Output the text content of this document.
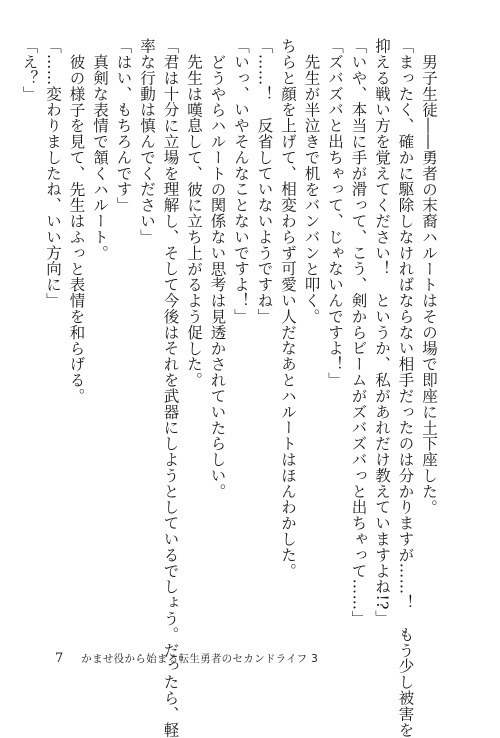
男子生徒――勇者の末裔ハルートはその場で即座に土下座した。
「まったく、確かに駆除しなければならない相手だったのは分かりますが……！　もう少し被害を
抑える戦い方を覚えてください！　というか、私があれだけ教えていますよね!?」
「いや、本当に手が滑って、こう、剣からビームがズバズバっと出ちゃって……」
「ズバズバと出ちゃって、じゃないんですよ！」
先生が半泣きで机をバンバンと叩く。
ちらと顔を上げて、相変わらず可愛い人だなあとハルートはほんわかした。
「……！　反省していないようですね」
「いっ、いやそんなことないですよ！」
どうやらハルートの関係ない思考は見透かされていたらしい。
先生は嘆息して、彼に立ち上がるよう促した。
「君は十分に立場を理解し、そして今後はそれを武器にしようとしているでしょう。だったら、軽
率な行動は慎んでください」
「はい、もちろんです」
真剣な表情で頷くハルート。
彼の様子を見て、先生はふっと表情を和らげる。
「……変わりましたね、いい方向に」
「え？」
7 かませ役から始まる転生勇者のセカンドライフ 3
